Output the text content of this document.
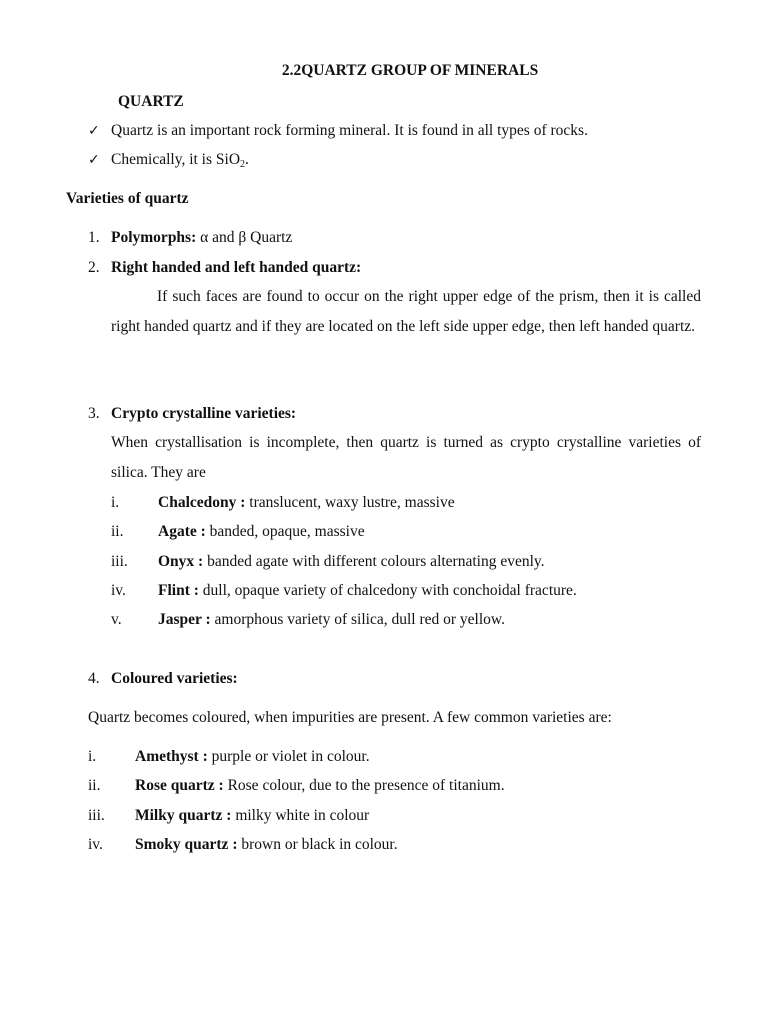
2.2QUARTZ GROUP OF MINERALS
QUARTZ
✓ Quartz is an important rock forming mineral. It is found in all types of rocks.
✓ Chemically, it is SiO$_2$.
Varieties of quartz
1. Polymorphs: α and β Quartz
2. Right handed and left handed quartz:
If such faces are found to occur on the right upper edge of the prism, then it is called right handed quartz and if they are located on the left side upper edge, then left handed quartz.
3. Crypto crystalline varieties:
When crystallisation is incomplete, then quartz is turned as crypto crystalline varieties of silica. They are
i.	Chalcedony : translucent, waxy lustre, massive
ii. Agate : banded, opaque, massive
iii. Onyx : banded agate with different colours alternating evenly.
iv. Flint : dull, opaque variety of chalcedony with conchoidal fracture.
v. Jasper : amorphous variety of silica, dull red or yellow.
4. Coloured varieties:
Quartz becomes coloured, when impurities are present. A few common varieties are:
i.	Amethyst : purple or violet in colour.
ii. Rose quartz : Rose colour, due to the presence of titanium.
iii. Milky quartz : milky white in colour
iv. Smoky quartz : brown or black in colour.
